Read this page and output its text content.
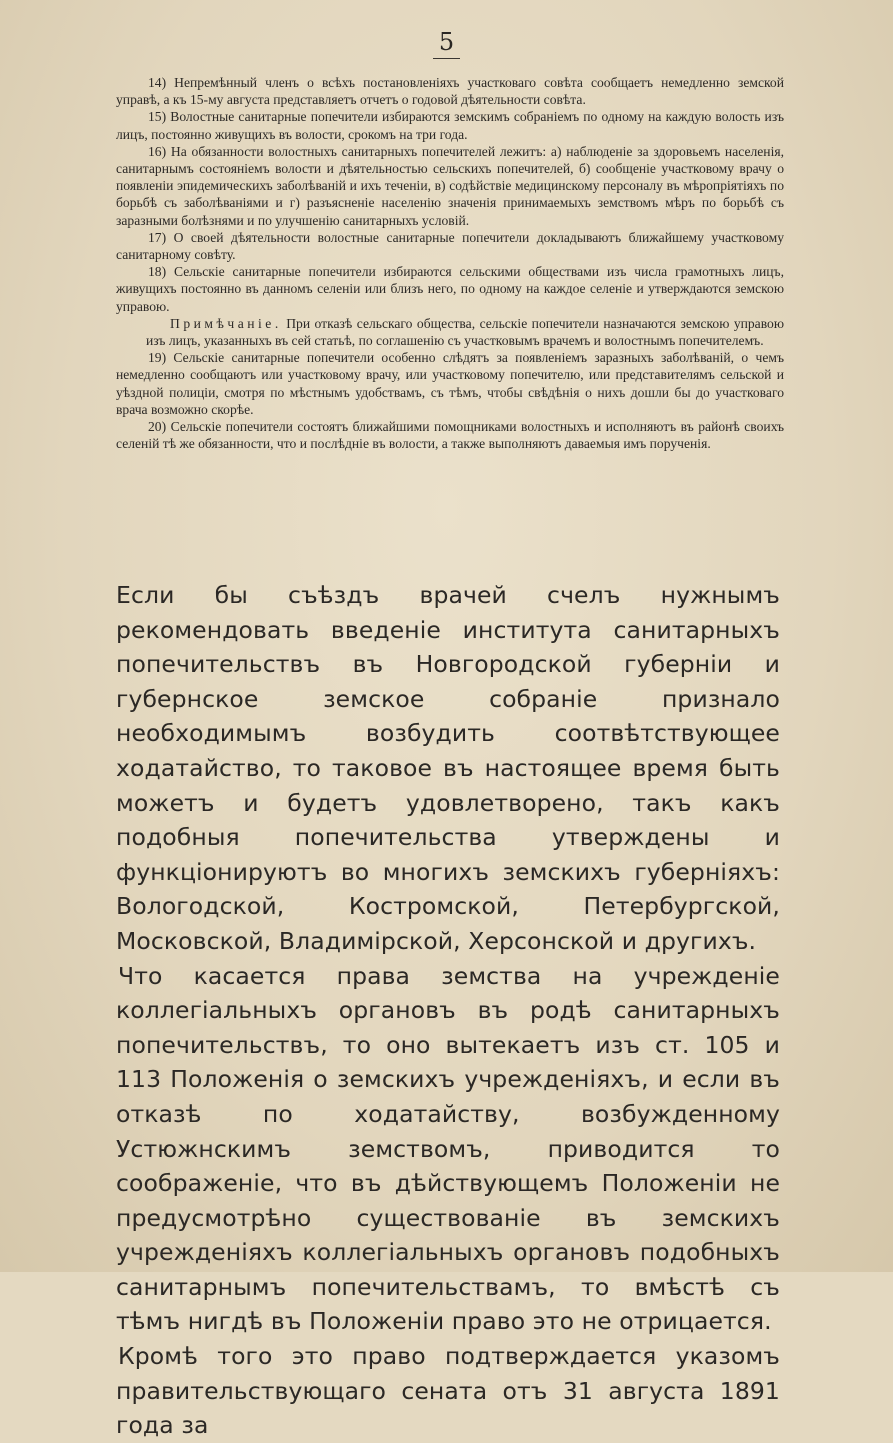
5

14) Непремѣнный членъ о всѣхъ постановленіяхъ участковаго совѣта сообщаетъ немедленно земской управѣ, а къ 15-му августа представляетъ отчетъ о годовой дѣятельности совѣта.

15) Волостные санитарные попечители избираются земскимъ собраніемъ по одному на каждую волость изъ лицъ, постоянно живущихъ въ волости, срокомъ на три года.

16) На обязанности волостныхъ санитарныхъ попечителей лежитъ: а) наблюденіе за здоровьемъ населенія, санитарнымъ состояніемъ волости и дѣятельностью сельскихъ попечителей, б) сообщеніе участковому врачу о появленіи эпидемическихъ заболѣваній и ихъ теченіи, в) содѣйствіе медицинскому персоналу въ мѣропріятіяхъ по борьбѣ съ заболѣваніями и г) разъясненіе населенію значенія принимаемыхъ земствомъ мѣръ по борьбѣ съ заразными болѣзнями и по улучшенію санитарныхъ условій.

17) О своей дѣятельности волостные санитарные попечители докладываютъ ближайшему участковому санитарному совѣту.

18) Сельскіе санитарные попечители избираются сельскими обществами изъ числа грамотныхъ лицъ, живущихъ постоянно въ данномъ селеніи или близъ него, по одному на каждое селеніе и утверждаются земскою управою.

Примѣчаніе. При отказѣ сельскаго общества, сельскіе попечители назначаются земскою управою изъ лицъ, указанныхъ въ сей статьѣ, по соглашенію съ участковымъ врачемъ и волостнымъ попечителемъ.

19) Сельскіе санитарные попечители особенно слѣдятъ за появленіемъ заразныхъ заболѣваній, о чемъ немедленно сообщаютъ или участковому врачу, или участковому попечителю, или представителямъ сельской и уѣздной полиціи, смотря по мѣстнымъ удобствамъ, съ тѣмъ, чтобы свѣдѣнія о нихъ дошли бы до участковаго врача возможно скорѣе.

20) Сельскіе попечители состоятъ ближайшими помощниками волостныхъ и исполняютъ въ районѣ своихъ селеній тѣ же обязанности, что и послѣдніе въ волости, а также выполняютъ даваемыя имъ порученія.

Если бы съѣздъ врачей счелъ нужнымъ рекомендовать введеніе института санитарныхъ попечительствъ въ Новгородской губерніи и губернское земское собраніе признало необходимымъ возбудить соотвѣтствующее ходатайство, то таковое въ настоящее время быть можетъ и будетъ удовлетворено, такъ какъ подобныя попечительства утверждены и функціонируютъ во многихъ земскихъ губерніяхъ: Вологодской, Костромской, Петербургской, Московской, Владимірской, Херсонской и другихъ.

Что касается права земства на учрежденіе коллегіальныхъ органовъ въ родѣ санитарныхъ попечительствъ, то оно вытекаетъ изъ ст. 105 и 113 Положенія о земскихъ учрежденіяхъ, и если въ отказѣ по ходатайству, возбужденному Устюжнскимъ земствомъ, приводится то соображеніе, что въ дѣйствующемъ Положеніи не предусмотрѣно существованіе въ земскихъ учрежденіяхъ коллегіальныхъ органовъ подобныхъ санитарнымъ попечительствамъ, то вмѣстѣ съ тѣмъ нигдѣ въ Положеніи право это не отрицается.

Кромѣ того это право подтверждается указомъ правительствующаго сената отъ 31 августа 1891 года за
